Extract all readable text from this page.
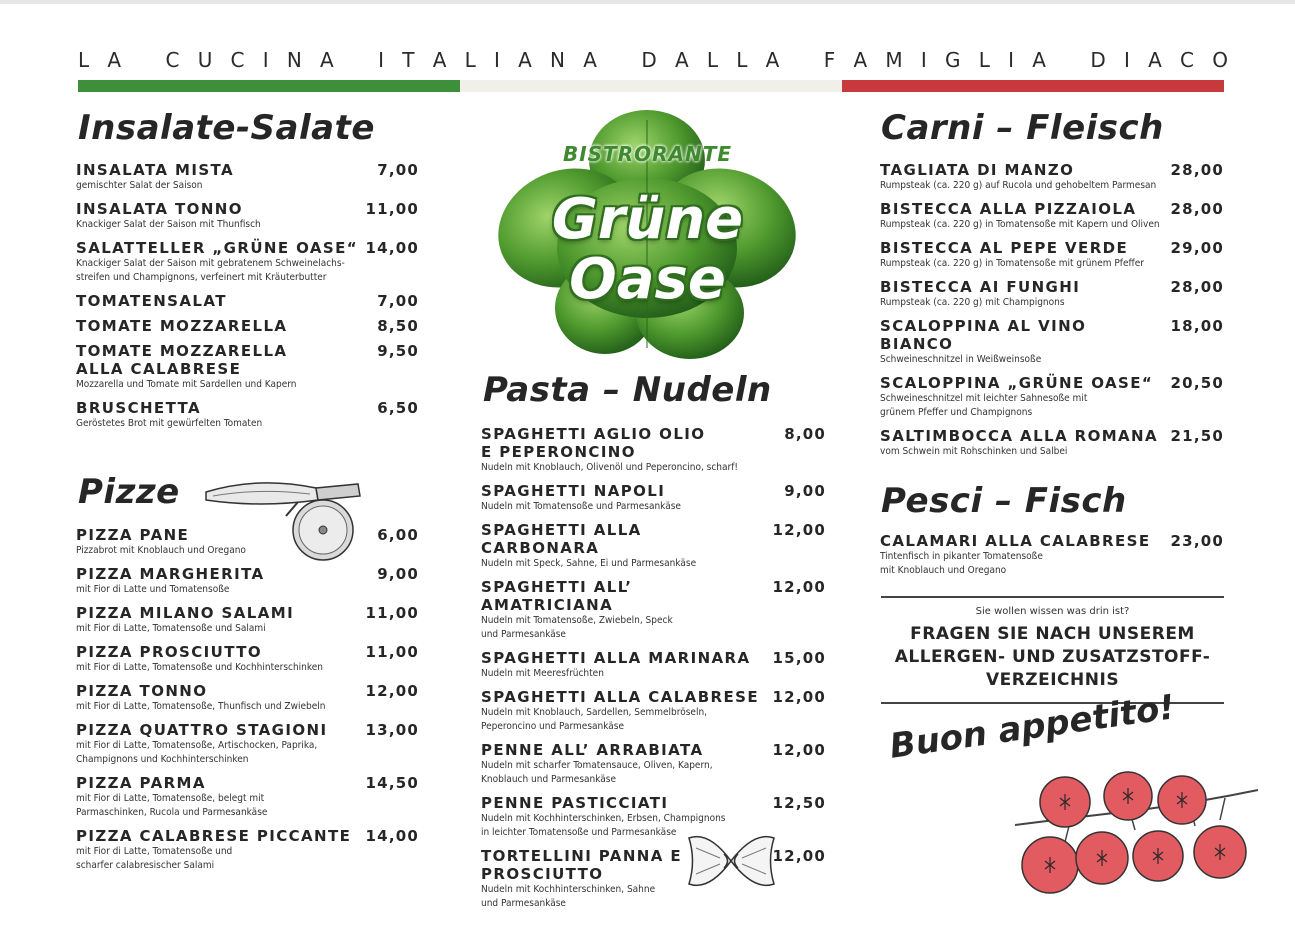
L A C U C I N A I T A L I A N A D A L L A F A M I G L I A D I A C O
Insalate-Salate
INSALATA MISTA	7,00
gemischter Salat der Saison
INSALATA TONNO	11,00
Knackiger Salat der Saison mit Thunfisch
SALATTELLER „GRÜNE OASE“ 14,00
Knackiger Salat der Saison mit gebratenem Schweinelachs-
streifen und Champignons, verfeinert mit Kräuterbutter
TOMATENSALAT	7,00
TOMATE MOZZARELLA	8,50
TOMATE MOZZARELLA
ALLA CALABRESE
9,50
Mozzarella und Tomate mit Sardellen und Kapern
BRUSCHETTA	6,50
Geröstetes Brot mit gewürfelten Tomaten
Pizze
PIZZA PANE	6,00
Pizzabrot mit Knoblauch und Oregano
PIZZA MARGHERITA	9,00
mit Fior di Latte und Tomatensoße
PIZZA MILANO SALAMI	11,00
mit Fior di Latte, Tomatensoße und Salami
PIZZA PROSCIUTTO	11,00
mit Fior di Latte, Tomatensoße und Kochhinterschinken
PIZZA TONNO	12,00
mit Fior di Latte, Tomatensoße, Thunfisch und Zwiebeln
PIZZA QUATTRO STAGIONI	13,00
mit Fior di Latte, Tomatensoße, Artischocken, Paprika,
Champignons und Kochhinterschinken
PIZZA PARMA	14,50
mit Fior di Latte, Tomatensoße, belegt mit
Parmaschinken, Rucola und Parmesankäse
PIZZA CALABRESE PICCANTE 14,00
mit Fior di Latte, Tomatensoße und
scharfer calabresischer Salami
BISTRORANTE
Grüne
Oase
Pasta – Nudeln
SPAGHETTI AGLIO OLIO
E PEPERONCINO
8,00
Nudeln mit Knoblauch, Olivenöl und Peperoncino, scharf!
SPAGHETTI NAPOLI	9,00
Nudeln mit Tomatensoße und Parmesankäse
SPAGHETTI ALLA CARBONARA
12,00
Nudeln mit Speck, Sahne, Ei und Parmesankäse
SPAGHETTI ALL’ AMATRICIANA
12,00
Nudeln mit Tomatensoße, Zwiebeln, Speck
und Parmesankäse
SPAGHETTI ALLA MARINARA	15,00
Nudeln mit Meeresfrüchten
SPAGHETTI ALLA CALABRESE 12,00
Nudeln mit Knoblauch, Sardellen, Semmelbröseln,
Peperoncino und Parmesankäse
PENNE ALL’ ARRABIATA	12,00
Nudeln mit scharfer Tomatensauce, Oliven, Kapern,
Knoblauch und Parmesankäse
PENNE PASTICCIATI	12,50
Nudeln mit Kochhinterschinken, Erbsen, Champignons
in leichter Tomatensoße und Parmesankäse
TORTELLINI PANNA E
PROSCIUTTO
12,00
Nudeln mit Kochhinterschinken, Sahne
und Parmesankäse
Carni – Fleisch
TAGLIATA DI MANZO	28,00
Rumpsteak (ca. 220 g) auf Rucola und gehobeltem Parmesan
BISTECCA ALLA PIZZAIOLA	28,00
Rumpsteak (ca. 220 g) in Tomatensoße mit Kapern und Oliven
BISTECCA AL PEPE VERDE	29,00
Rumpsteak (ca. 220 g) in Tomatensoße mit grünem Pfeffer
BISTECCA AI FUNGHI	28,00
Rumpsteak (ca. 220 g) mit Champignons
SCALOPPINA AL VINO BIANCO
18,00
Schweineschnitzel in Weißweinsoße
SCALOPPINA „GRÜNE OASE“	20,50
Schweineschnitzel mit leichter Sahnesoße mit
grünem Pfeffer und Champignons
SALTIMBOCCA ALLA ROMANA 21,50
vom Schwein mit Rohschinken und Salbei
Pesci – Fisch
CALAMARI ALLA CALABRESE	23,00
Tintenfisch in pikanter Tomatensoße
mit Knoblauch und Oregano
Sie wollen wissen was drin ist?
FRAGEN SIE NACH UNSEREM
ALLERGEN- UND ZUSATZSTOFF-
VERZEICHNIS
Buon appetito!
